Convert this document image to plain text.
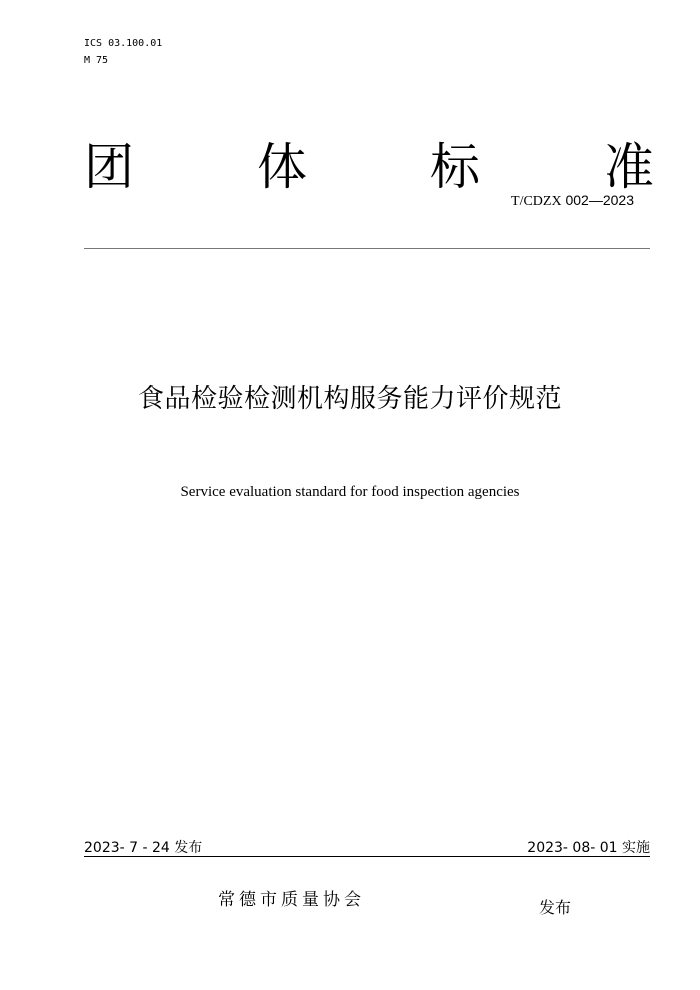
ICS 03.100.01
M 75
团 体 标 准
T/CDZX 002—2023
食品检验检测机构服务能力评价规范
Service evaluation standard for food inspection agencies
2023- 7 - 24 发布	2023- 08- 01 实施
常德市质量协会	发布
